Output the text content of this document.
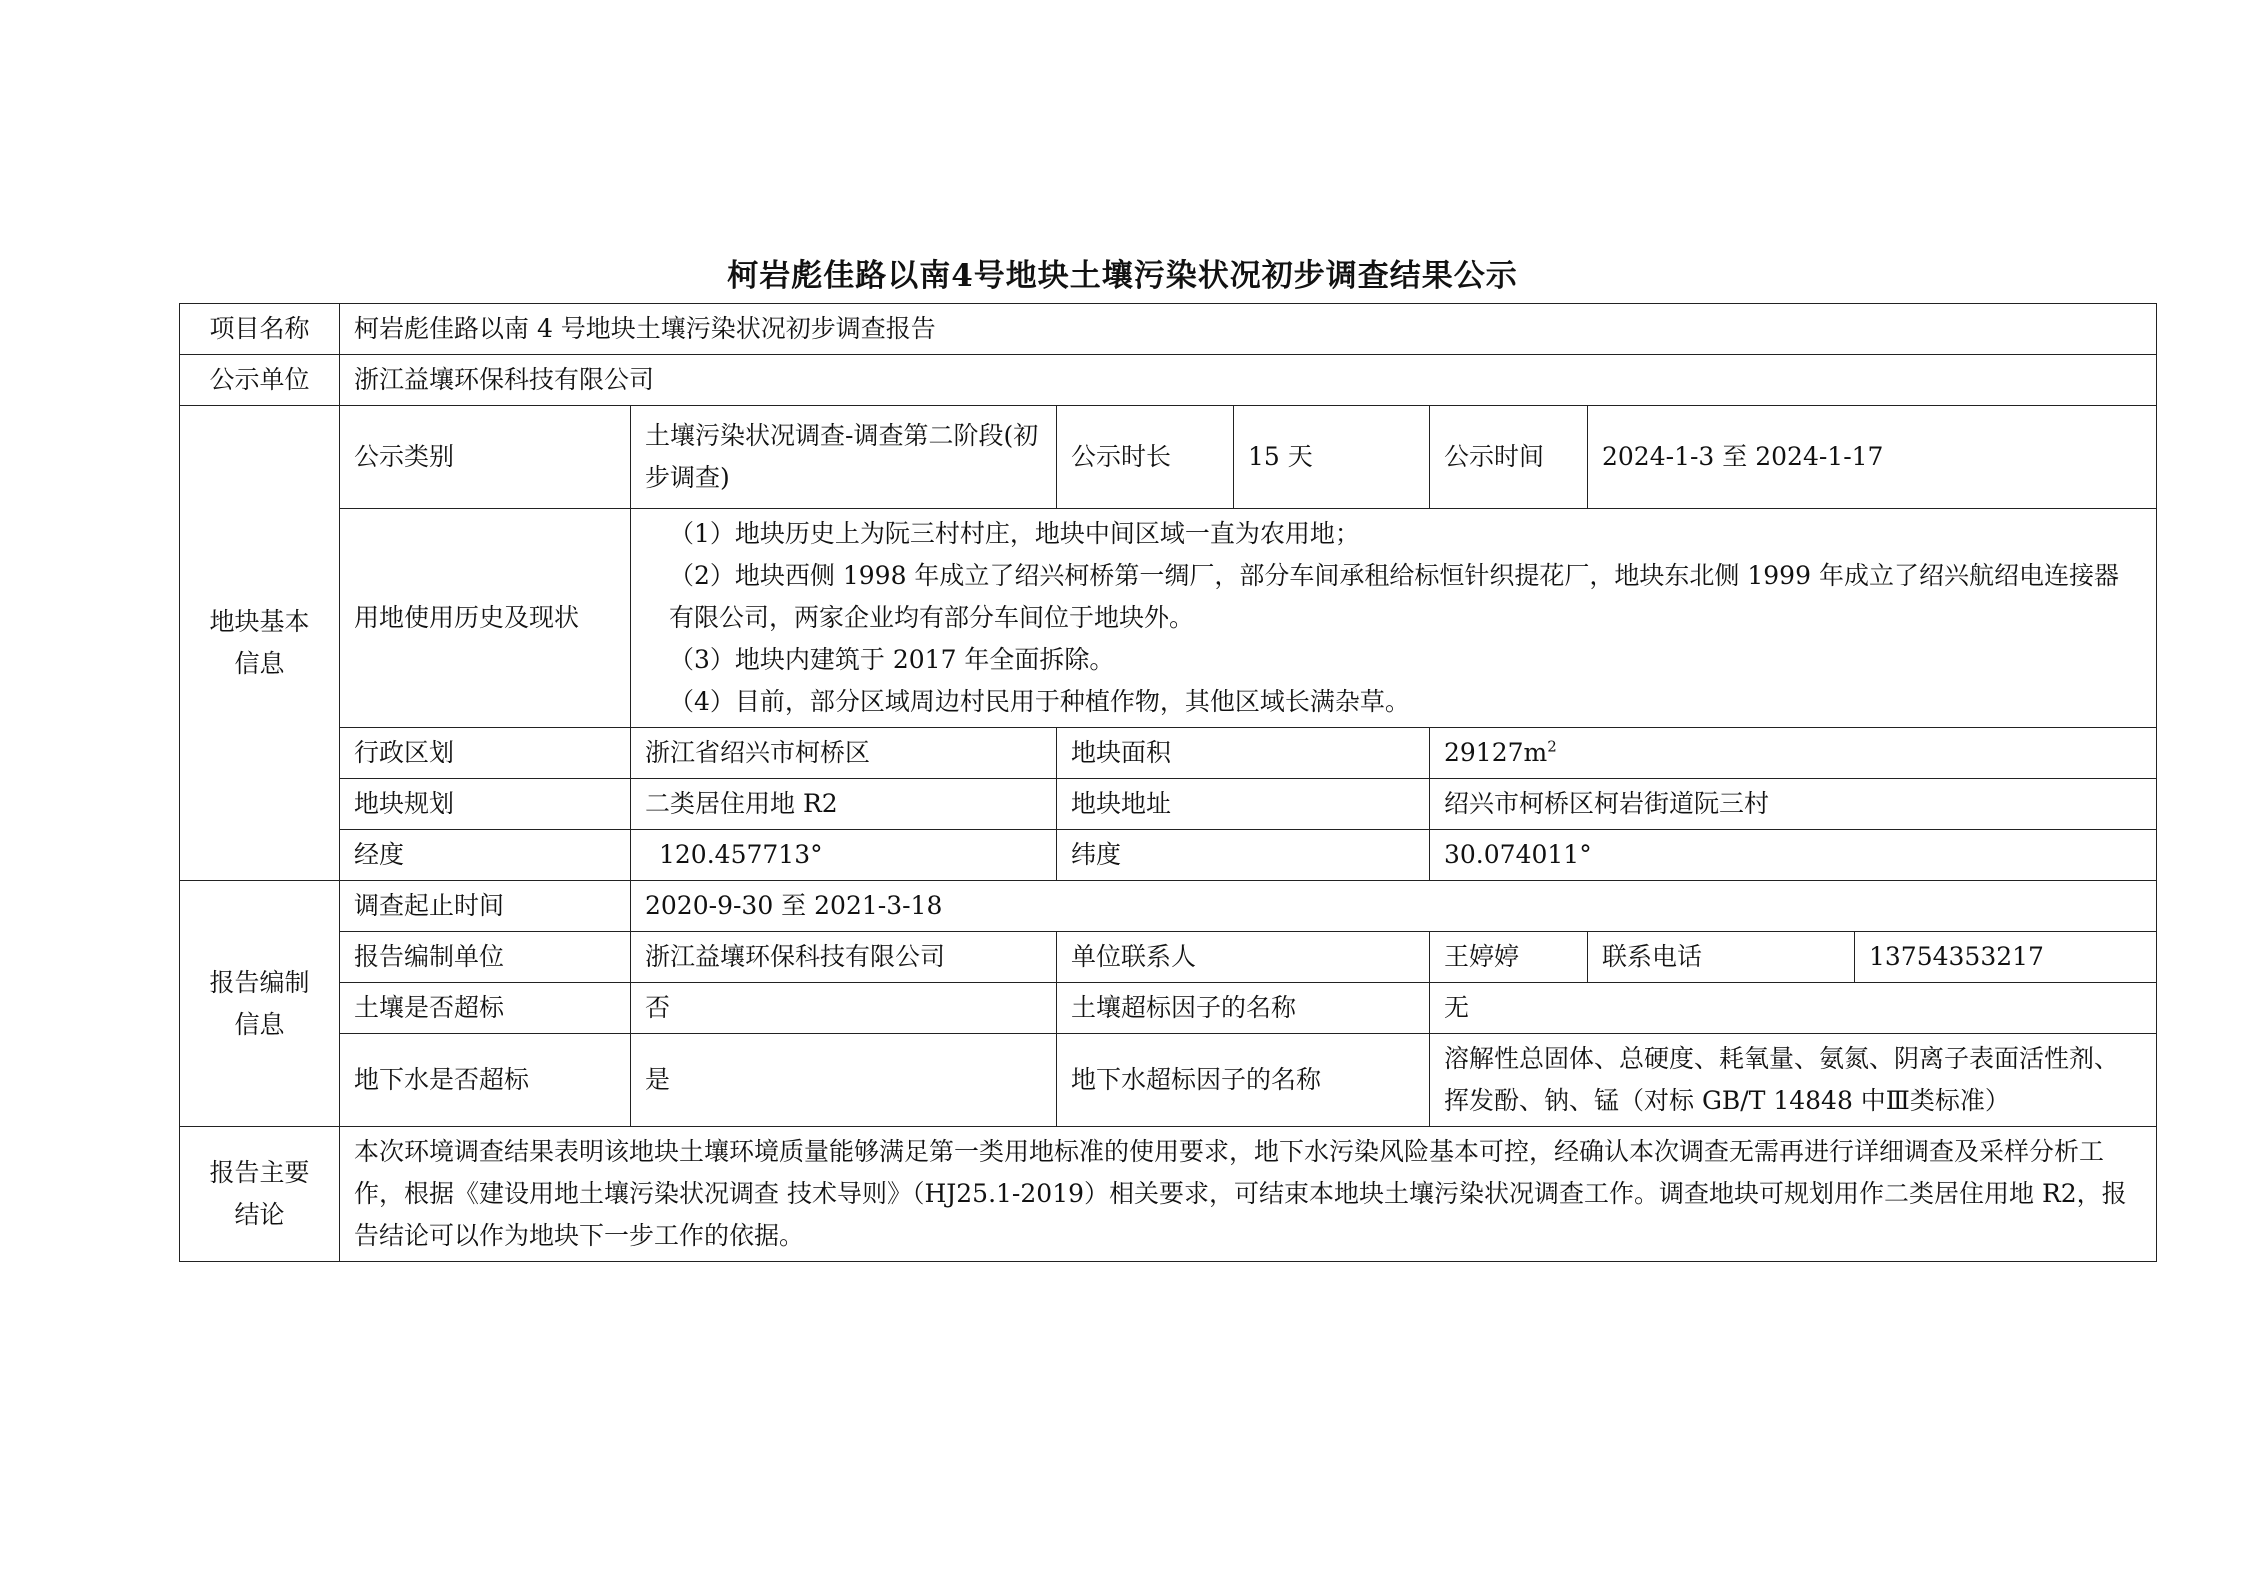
柯岩彪佳路以南4号地块土壤污染状况初步调查结果公示
项目名称	柯岩彪佳路以南 4 号地块土壤污染状况初步调查报告						
公示单位	浙江益壤环保科技有限公司						

地块基本
信息	公示类别	土壤污染状况调查-调查第二阶段(初步调查)	公示时长	15 天	公示时间	2024-1-3 至 2024-1-17	
	用地使用历史及现状	（1）地块历史上为阮三村村庄，地块中间区域一直为农用地；
（2）地块西侧 1998 年成立了绍兴柯桥第一绸厂，部分车间承租给标恒针织提花厂，地块东北侧 1999 年成立了绍兴航绍电连接器有限公司，两家企业均有部分车间位于地块外。
（3）地块内建筑于 2017 年全面拆除。
（4）目前，部分区域周边村民用于种植作物，其他区域长满杂草。					

	行政区划	浙江省绍兴市柯桥区	地块面积		$29127m^2$
	地块规划	二类居住用地 R2	地块地址		绍兴市柯桥区柯岩街道阮三村		
	经度	120.457713°	纬度		30.074011°		

报告编制
信息	调查起止时间	2020-9-30 至 2021-3-18					
	报告编制单位	浙江益壤环保科技有限公司	单位联系人		王婷婷	联系电话	13754353217
	土壤是否超标	否	土壤超标因子的名称		无		
	地下水是否超标	是	地下水超标因子的名称		溶解性总固体、总硬度、耗氧量、氨氮、阴离子表面活性剂、挥发酚、钠、锰（对标 GB/T 14848 中Ⅲ类标准）		

报告主要
结论	本次环境调查结果表明该地块土壤环境质量能够满足第一类用地标准的使用要求，地下水污染风险基本可控，经确认本次调查无需再进行详细调查及采样分析工作，根据《建设用地土壤污染状况调查 技术导则》（HJ25.1-2019）相关要求，可结束本地块土壤污染状况调查工作。调查地块可规划用作二类居住用地 R2，报告结论可以作为地块下一步工作的依据。						
